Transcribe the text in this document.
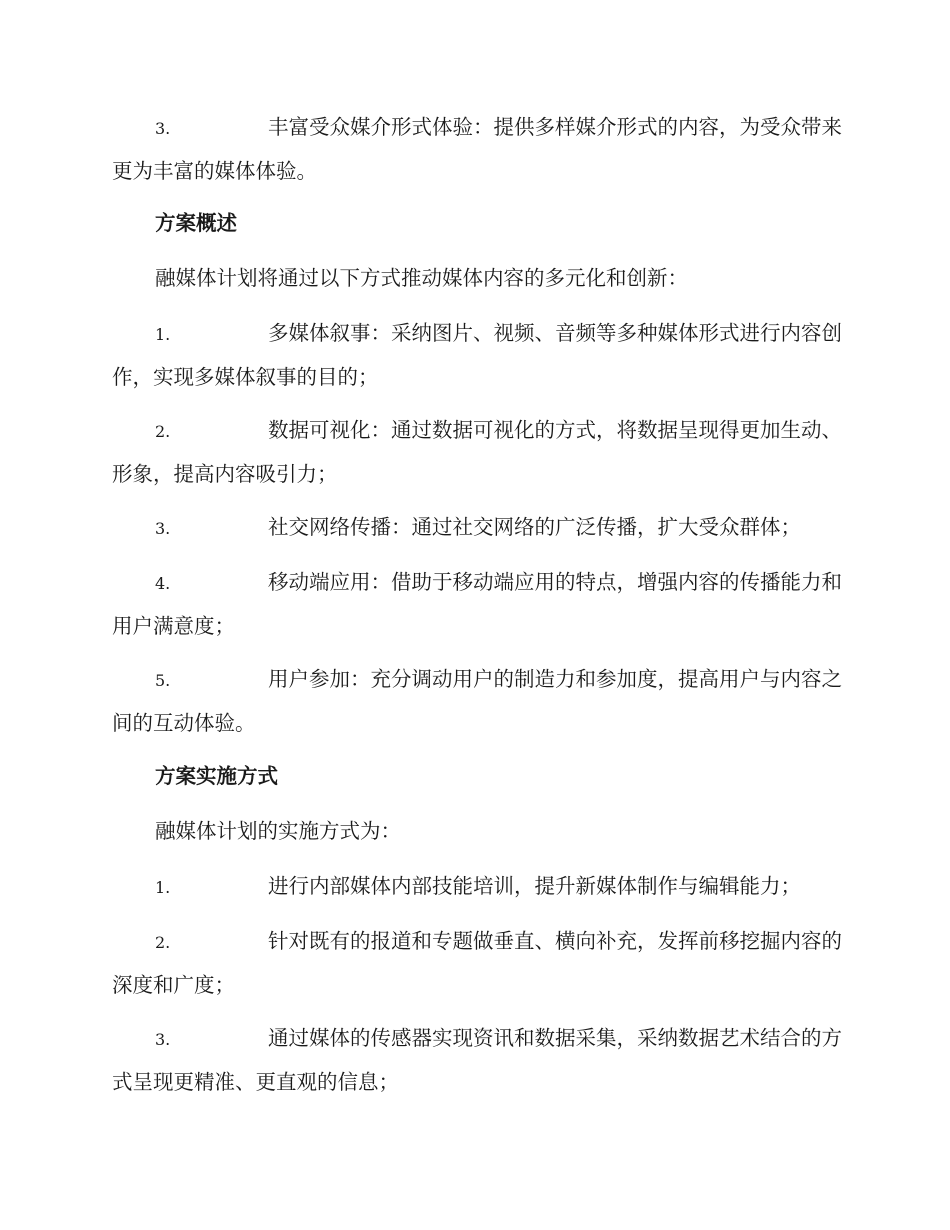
3.	丰富受众媒介形式体验：提供多样媒介形式的内容，为受众带来
更为丰富的媒体体验。
方案概述
融媒体计划将通过以下方式推动媒体内容的多元化和创新：
1.	多媒体叙事：采纳图片、视频、音频等多种媒体形式进行内容创
作，实现多媒体叙事的目的；
2.	数据可视化：通过数据可视化的方式，将数据呈现得更加生动、
形象，提高内容吸引力；
3.	社交网络传播：通过社交网络的广泛传播，扩大受众群体；
4.	移动端应用：借助于移动端应用的特点，增强内容的传播能力和
用户满意度；
5.	用户参加：充分调动用户的制造力和参加度，提高用户与内容之
间的互动体验。
方案实施方式
融媒体计划的实施方式为：
1.	进行内部媒体内部技能培训，提升新媒体制作与编辑能力；
2.	针对既有的报道和专题做垂直、横向补充，发挥前移挖掘内容的
深度和广度；
3.	通过媒体的传感器实现资讯和数据采集，采纳数据艺术结合的方
式呈现更精准、更直观的信息；
